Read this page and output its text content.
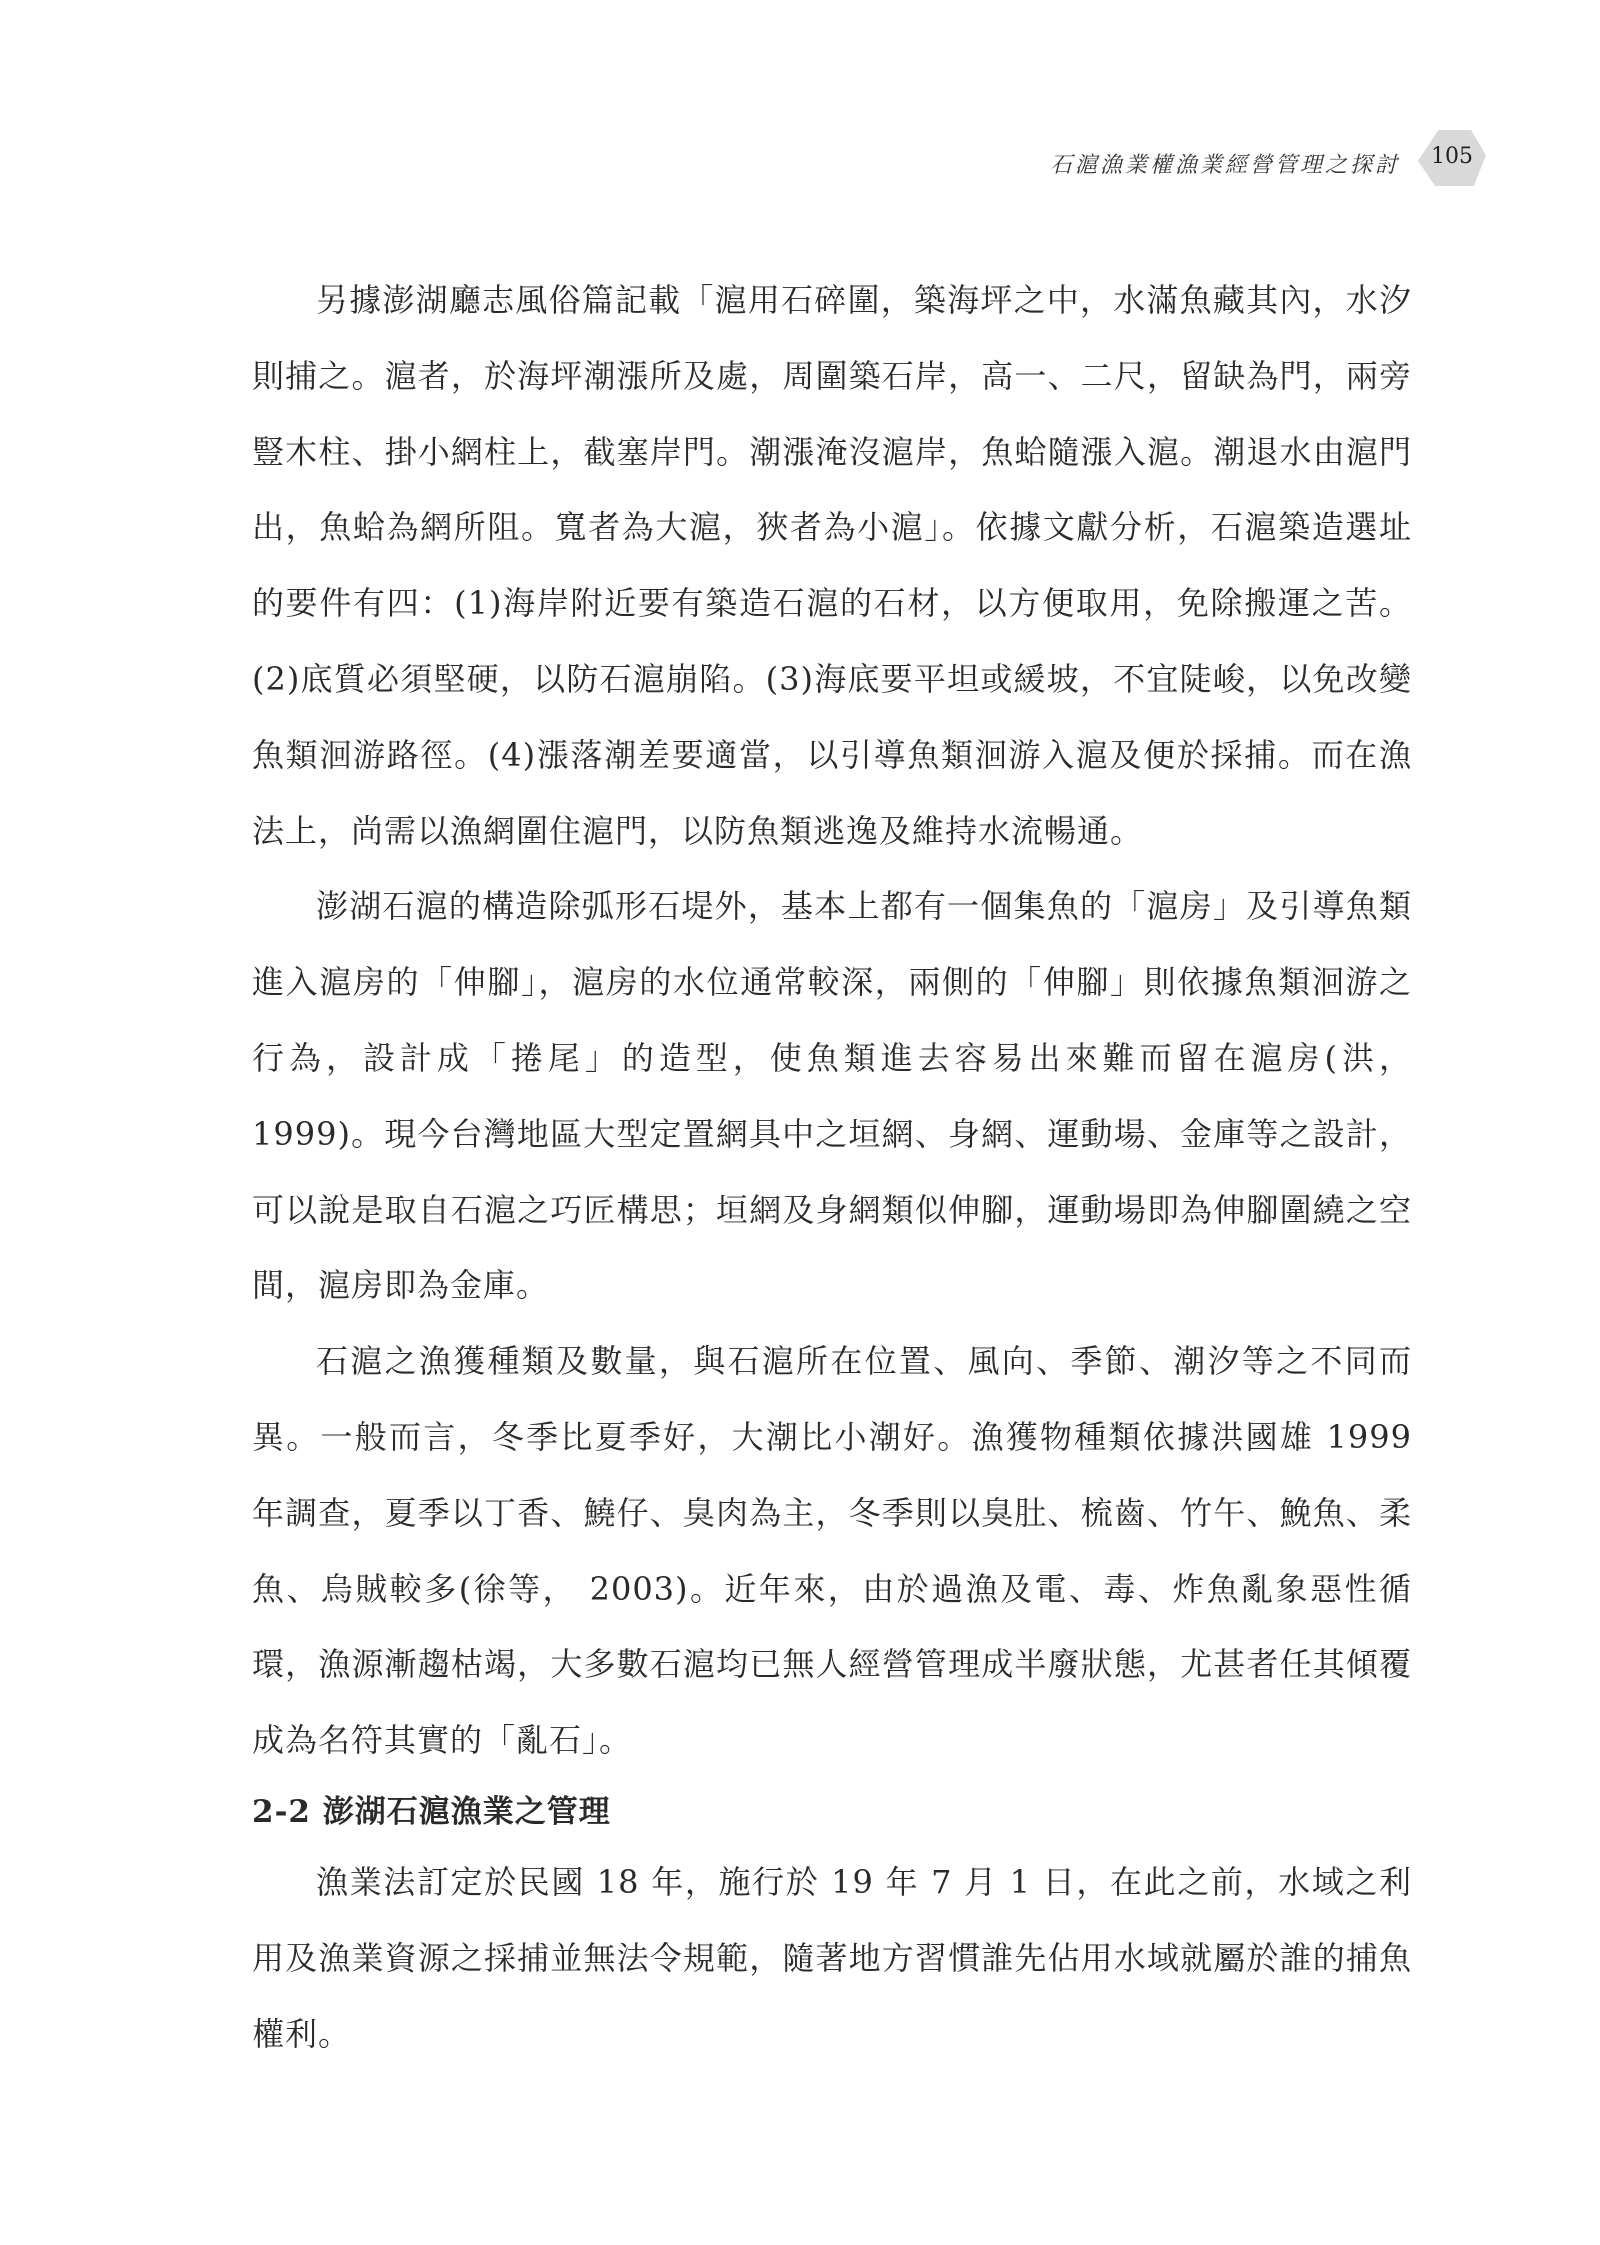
石滬漁業權漁業經營管理之探討	105

另據澎湖廳志風俗篇記載「滬用石碎圍，築海坪之中，水滿魚藏其內，水汐則捕之。滬者，於海坪潮漲所及處，周圍築石岸，高一、二尺，留缺為門，兩旁豎木柱、掛小網柱上，截塞岸門。潮漲淹沒滬岸，魚蛤隨漲入滬。潮退水由滬門出，魚蛤為網所阻。寬者為大滬，狹者為小滬」。依據文獻分析，石滬築造選址的要件有四：(1)海岸附近要有築造石滬的石材，以方便取用，免除搬運之苦。(2)底質必須堅硬，以防石滬崩陷。(3)海底要平坦或緩坡，不宜陡峻，以免改變魚類洄游路徑。(4)漲落潮差要適當，以引導魚類洄游入滬及便於採捕。而在漁法上，尚需以漁網圍住滬門，以防魚類逃逸及維持水流暢通。

澎湖石滬的構造除弧形石堤外，基本上都有一個集魚的「滬房」及引導魚類進入滬房的「伸腳」，滬房的水位通常較深，兩側的「伸腳」則依據魚類洄游之行為，設計成「捲尾」的造型，使魚類進去容易出來難而留在滬房(洪，1999)。現今台灣地區大型定置網具中之垣網、身網、運動場、金庫等之設計，可以說是取自石滬之巧匠構思；垣網及身網類似伸腳，運動場即為伸腳圍繞之空間，滬房即為金庫。

石滬之漁獲種類及數量，與石滬所在位置、風向、季節、潮汐等之不同而異。一般而言，冬季比夏季好，大潮比小潮好。漁獲物種類依據洪國雄 1999 年調查，夏季以丁香、鱙仔、臭肉為主，冬季則以臭肚、梳齒、竹午、鮸魚、柔魚、烏賊較多(徐等， 2003)。近年來，由於過漁及電、毒、炸魚亂象惡性循環，漁源漸趨枯竭，大多數石滬均已無人經營管理成半廢狀態，尤甚者任其傾覆成為名符其實的「亂石」。

2-2 澎湖石滬漁業之管理

漁業法訂定於民國 18 年，施行於 19 年 7 月 1 日，在此之前，水域之利用及漁業資源之採捕並無法令規範，隨著地方習慣誰先佔用水域就屬於誰的捕魚權利。
